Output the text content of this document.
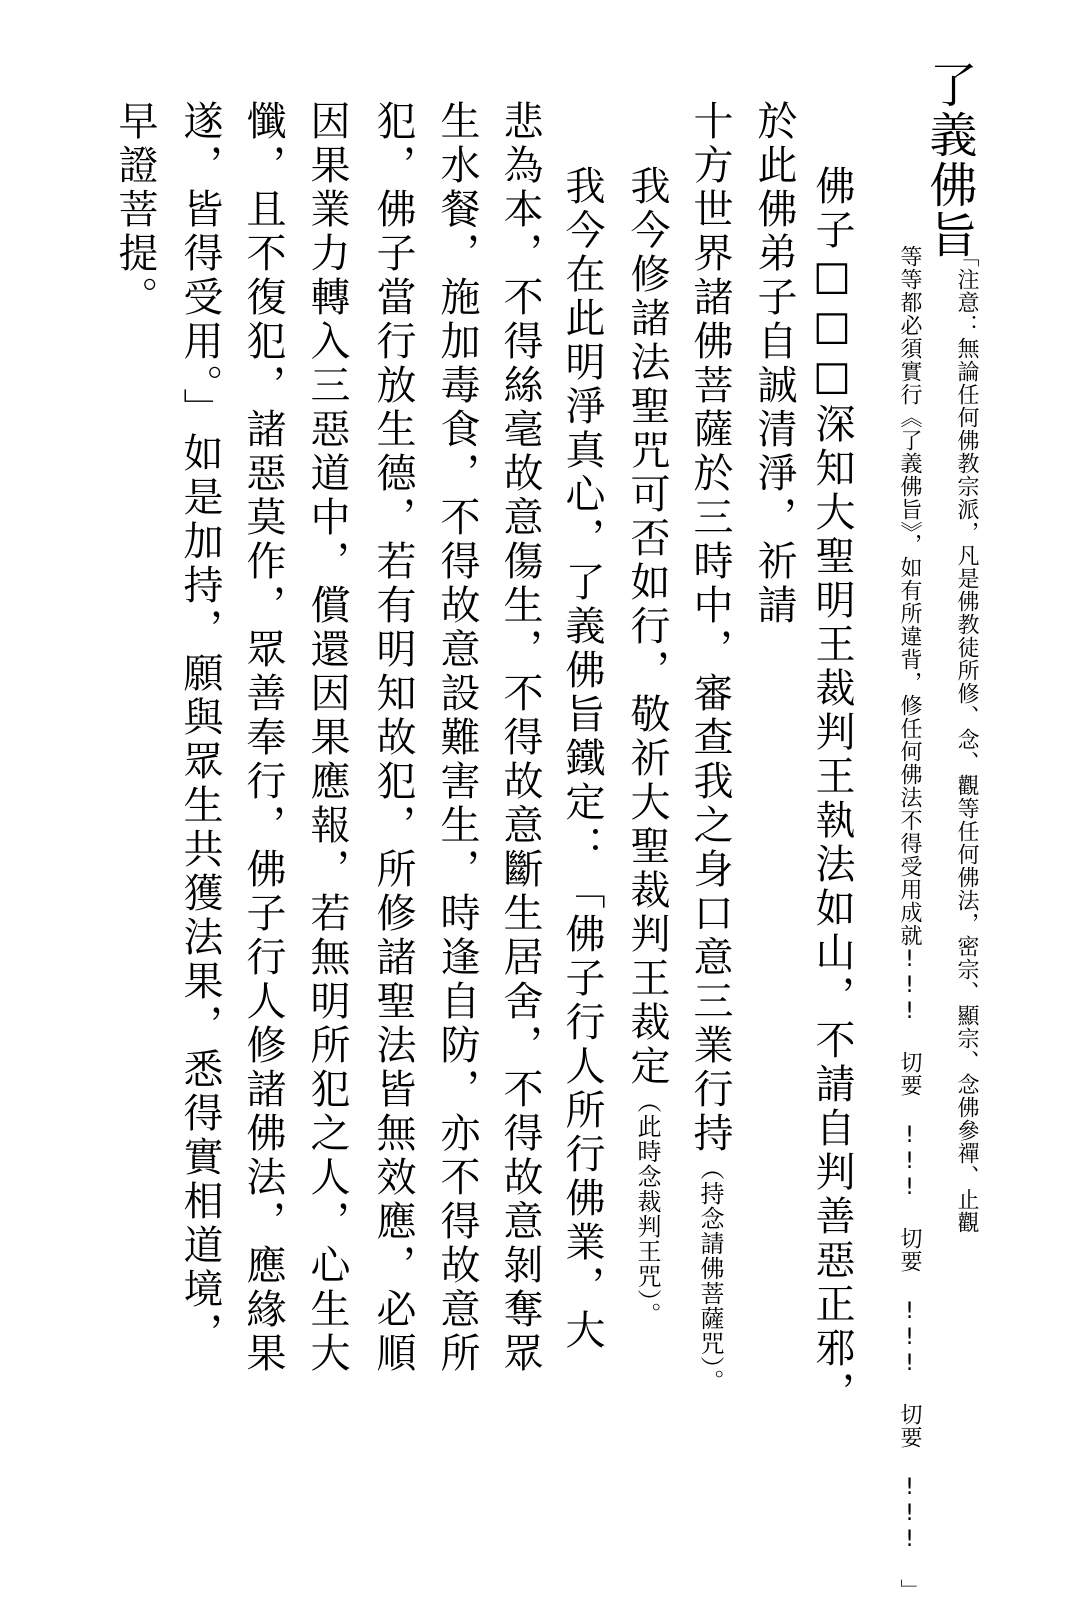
了義佛旨
「注意：無論任何佛教宗派，凡是佛教徒所修、念、觀等任何佛法，密宗、顯宗、念佛參禪、止觀
等等都必須實行《了義佛旨》，如有所違背，修任何佛法不得受用成就!!! 切要 !!! 切要 !!! 切要 !!! 」
佛子□□□深知大聖明王裁判王執法如山，不請自判善惡正邪，
於此佛弟子自誠清淨，祈請
十方世界諸佛菩薩於三時中，審查我之身口意三業行持（持念請佛菩薩咒）。
我今修諸法聖咒可否如行，敬祈大聖裁判王裁定（此時念裁判王咒）。
我今在此明淨真心，了義佛旨鐵定：「佛子行人所行佛業，大
悲為本，不得絲毫故意傷生，不得故意斷生居舍，不得故意剝奪眾
生水餐，施加毒食，不得故意設難害生，時逢自防，亦不得故意所
犯，佛子當行放生德，若有明知故犯，所修諸聖法皆無效應，必順
因果業力轉入三惡道中，償還因果應報，若無明所犯之人，心生大
懺，且不復犯，諸惡莫作，眾善奉行，佛子行人修諸佛法，應緣果
遂，皆得受用。」如是加持，願與眾生共獲法果，悉得實相道境，
早證菩提。
